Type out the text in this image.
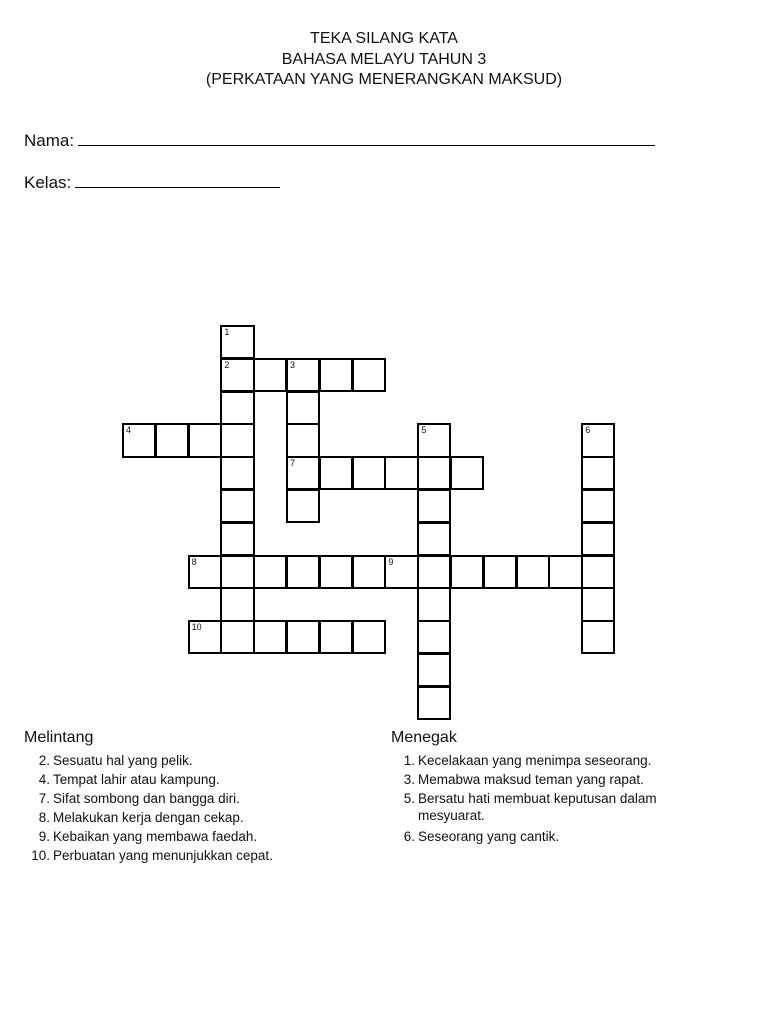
TEKA SILANG KATA
BAHASA MELAYU TAHUN 3
(PERKATAAN YANG MENERANGKAN MAKSUD)
Nama:
Kelas:
1
2	3
7
4	5	6
8	9
10
Melintang	Menegak
2. Sesuatu hal yang pelik.
4. Tempat lahir atau kampung.
7. Sifat sombong dan bangga diri.
8. Melakukan kerja dengan cekap.
9. Kebaikan yang membawa faedah.
10. Perbuatan yang menunjukkan cepat.
1. Kecelakaan yang menimpa seseorang.
3. Memabwa maksud teman yang rapat.
5. Bersatu hati membuat keputusan dalam mesyuarat.
6. Seseorang yang cantik.
